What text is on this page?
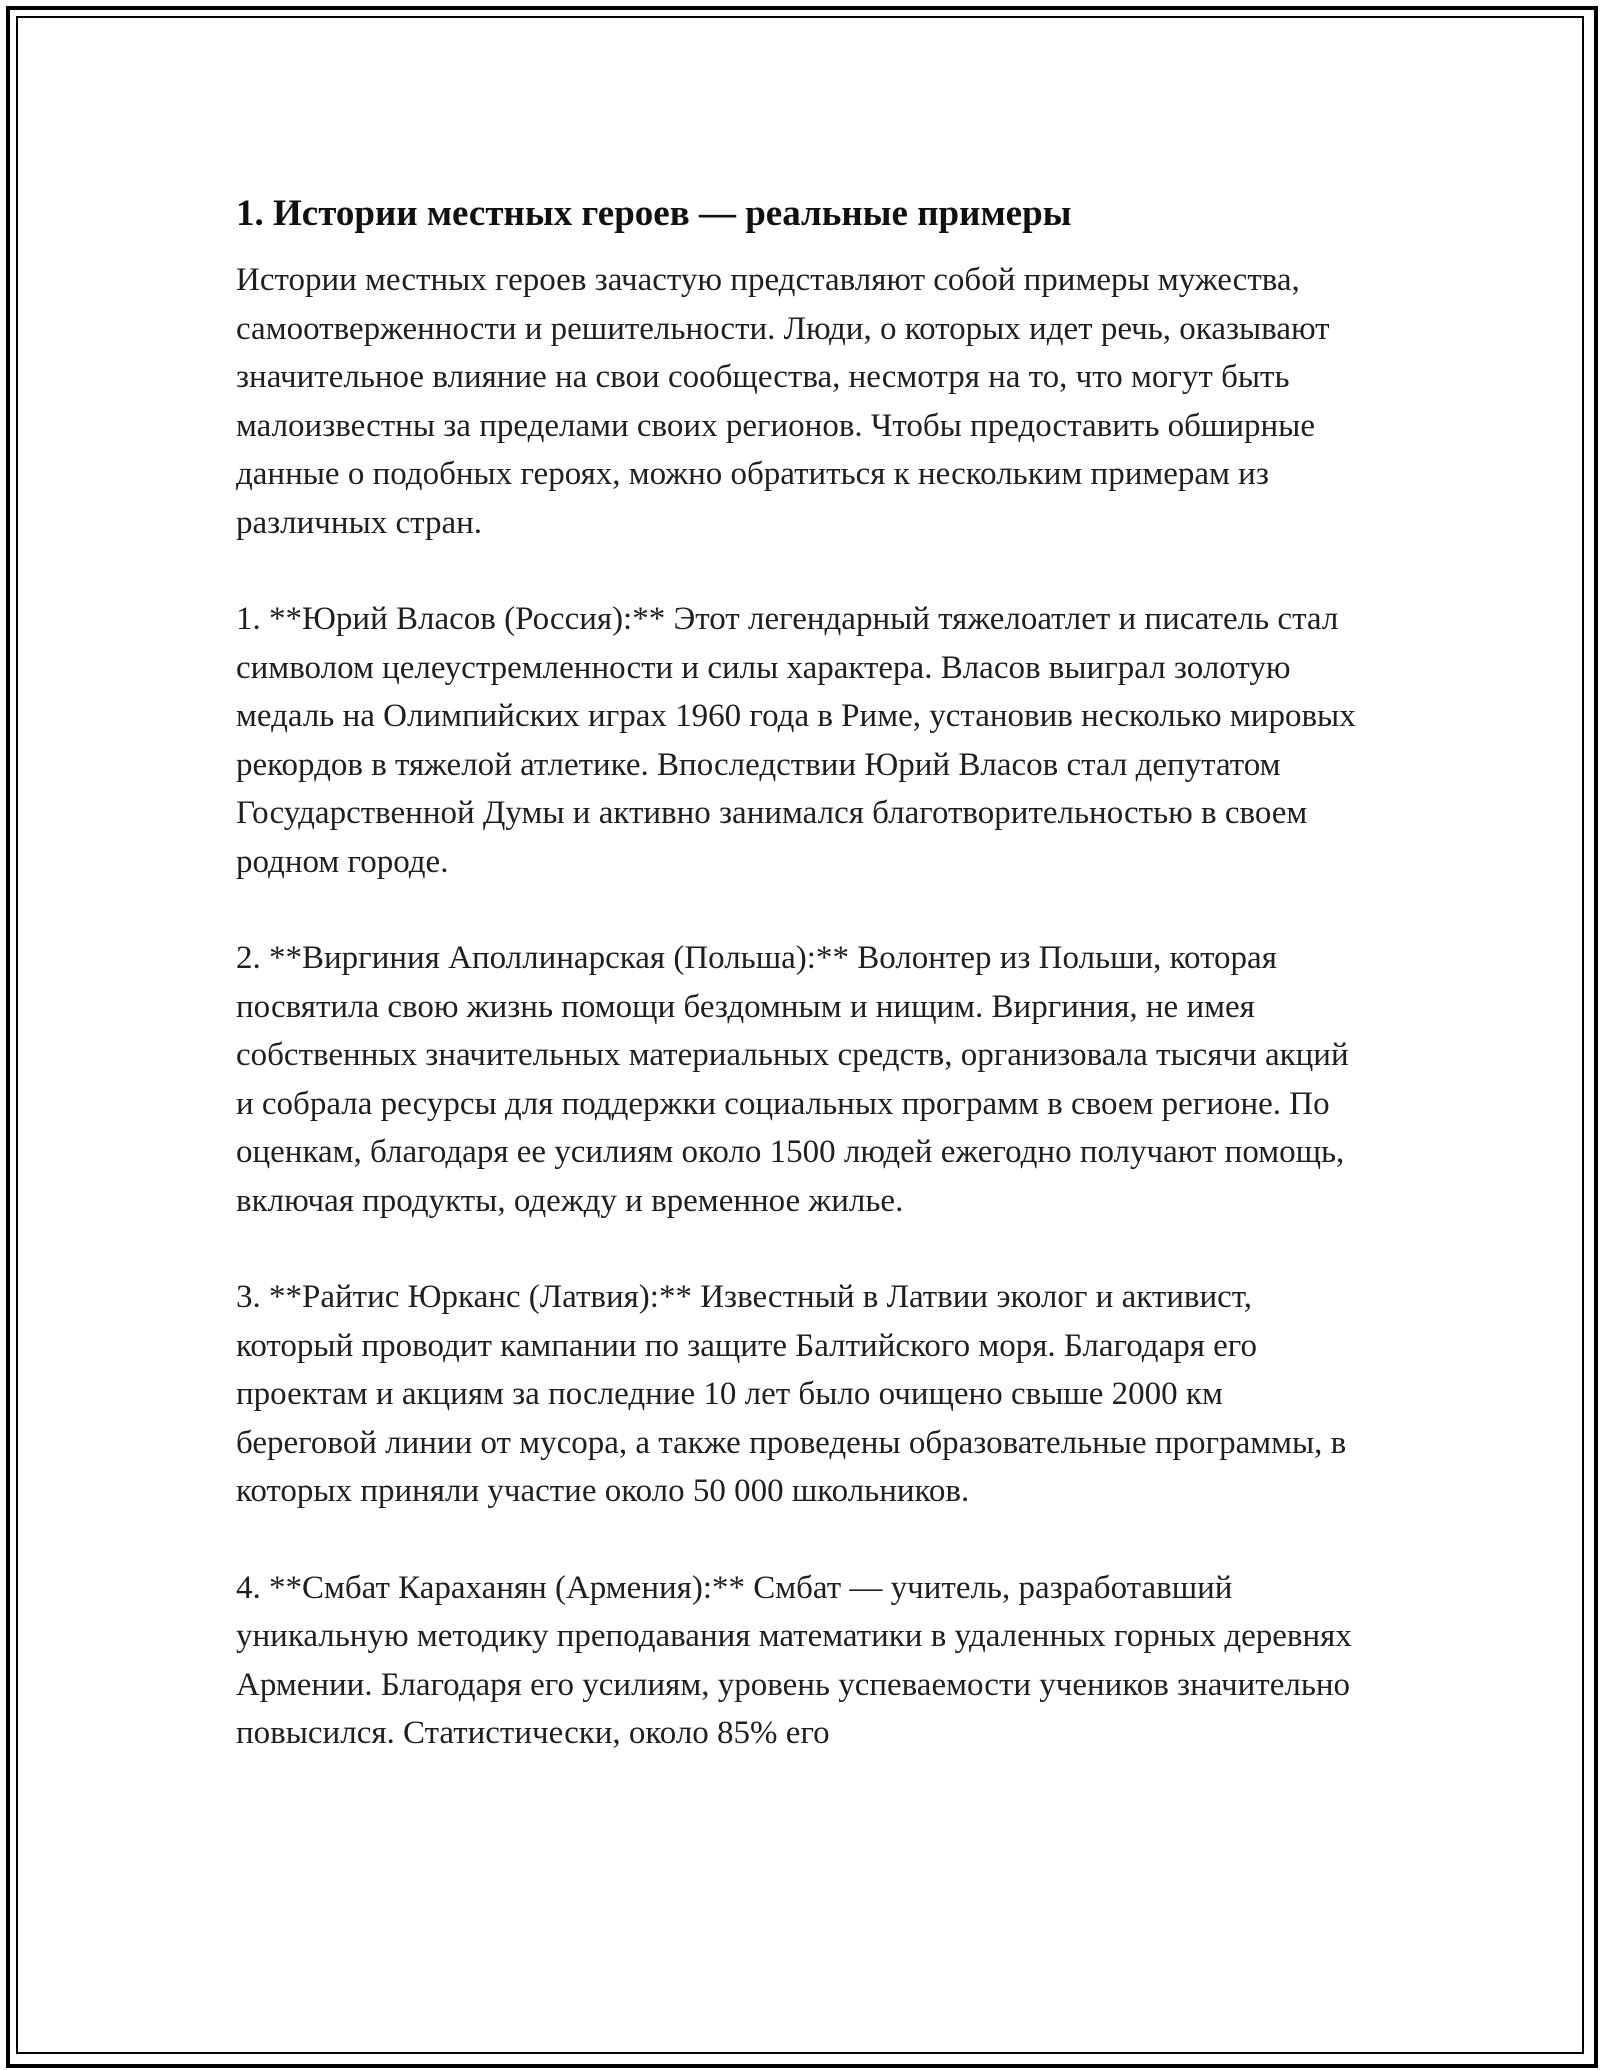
1. Истории местных героев — реальные примеры

Истории местных героев зачастую представляют собой примеры мужества, самоотверженности и решительности. Люди, о которых идет речь, оказывают значительное влияние на свои сообщества, несмотря на то, что могут быть малоизвестны за пределами своих регионов. Чтобы предоставить обширные данные о подобных героях, можно обратиться к нескольким примерам из различных стран.

1. **Юрий Власов (Россия):** Этот легендарный тяжелоатлет и писатель стал символом целеустремленности и силы характера. Власов выиграл золотую медаль на Олимпийских играх 1960 года в Риме, установив несколько мировых рекордов в тяжелой атлетике. Впоследствии Юрий Власов стал депутатом Государственной Думы и активно занимался благотворительностью в своем родном городе.

2. **Виргиния Аполлинарская (Польша):** Волонтер из Польши, которая посвятила свою жизнь помощи бездомным и нищим. Виргиния, не имея собственных значительных материальных средств, организовала тысячи акций и собрала ресурсы для поддержки социальных программ в своем регионе. По оценкам, благодаря ее усилиям около 1500 людей ежегодно получают помощь, включая продукты, одежду и временное жилье.

3. **Райтис Юрканс (Латвия):** Известный в Латвии эколог и активист, который проводит кампании по защите Балтийского моря. Благодаря его проектам и акциям за последние 10 лет было очищено свыше 2000 км береговой линии от мусора, а также проведены образовательные программы, в которых приняли участие около 50 000 школьников.

4. **Смбат Караханян (Армения):** Смбат — учитель, разработавший уникальную методику преподавания математики в удаленных горных деревнях Армении. Благодаря его усилиям, уровень успеваемости учеников значительно повысился. Статистически, около 85% его
